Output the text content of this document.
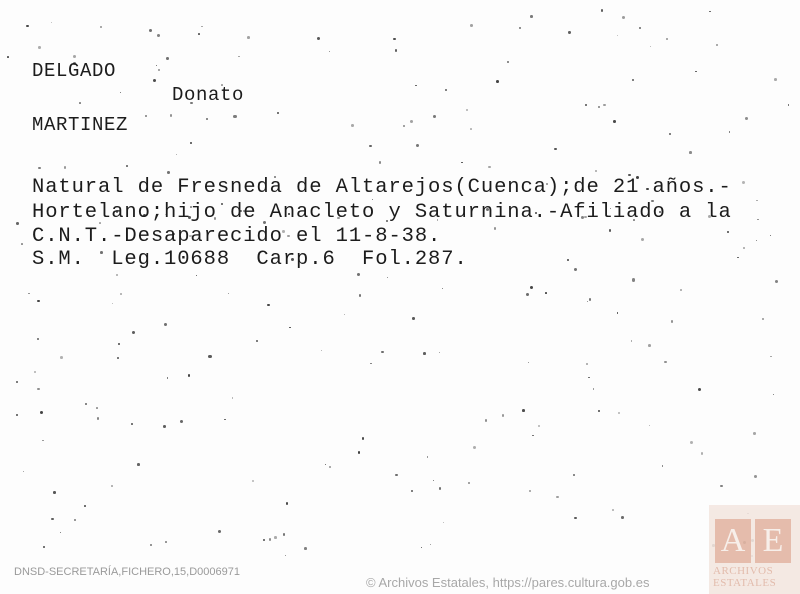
DELGADO
Donato
MARTINEZ
Natural de Fresneda de Altarejos(Cuenca);de 21 años.-
Hortelano;hijo de Anacleto y Saturnina.-Afiliado a la
C.N.T.-Desaparecido el 11-8-38.
S.M.  Leg.10688  Carp.6  Fol.287.
DNSD-SECRETARÍA,FICHERO,15,D0006971
© Archivos Estatales, https://pares.cultura.gob.es
A E
ARCHIVOS
ESTATALES
